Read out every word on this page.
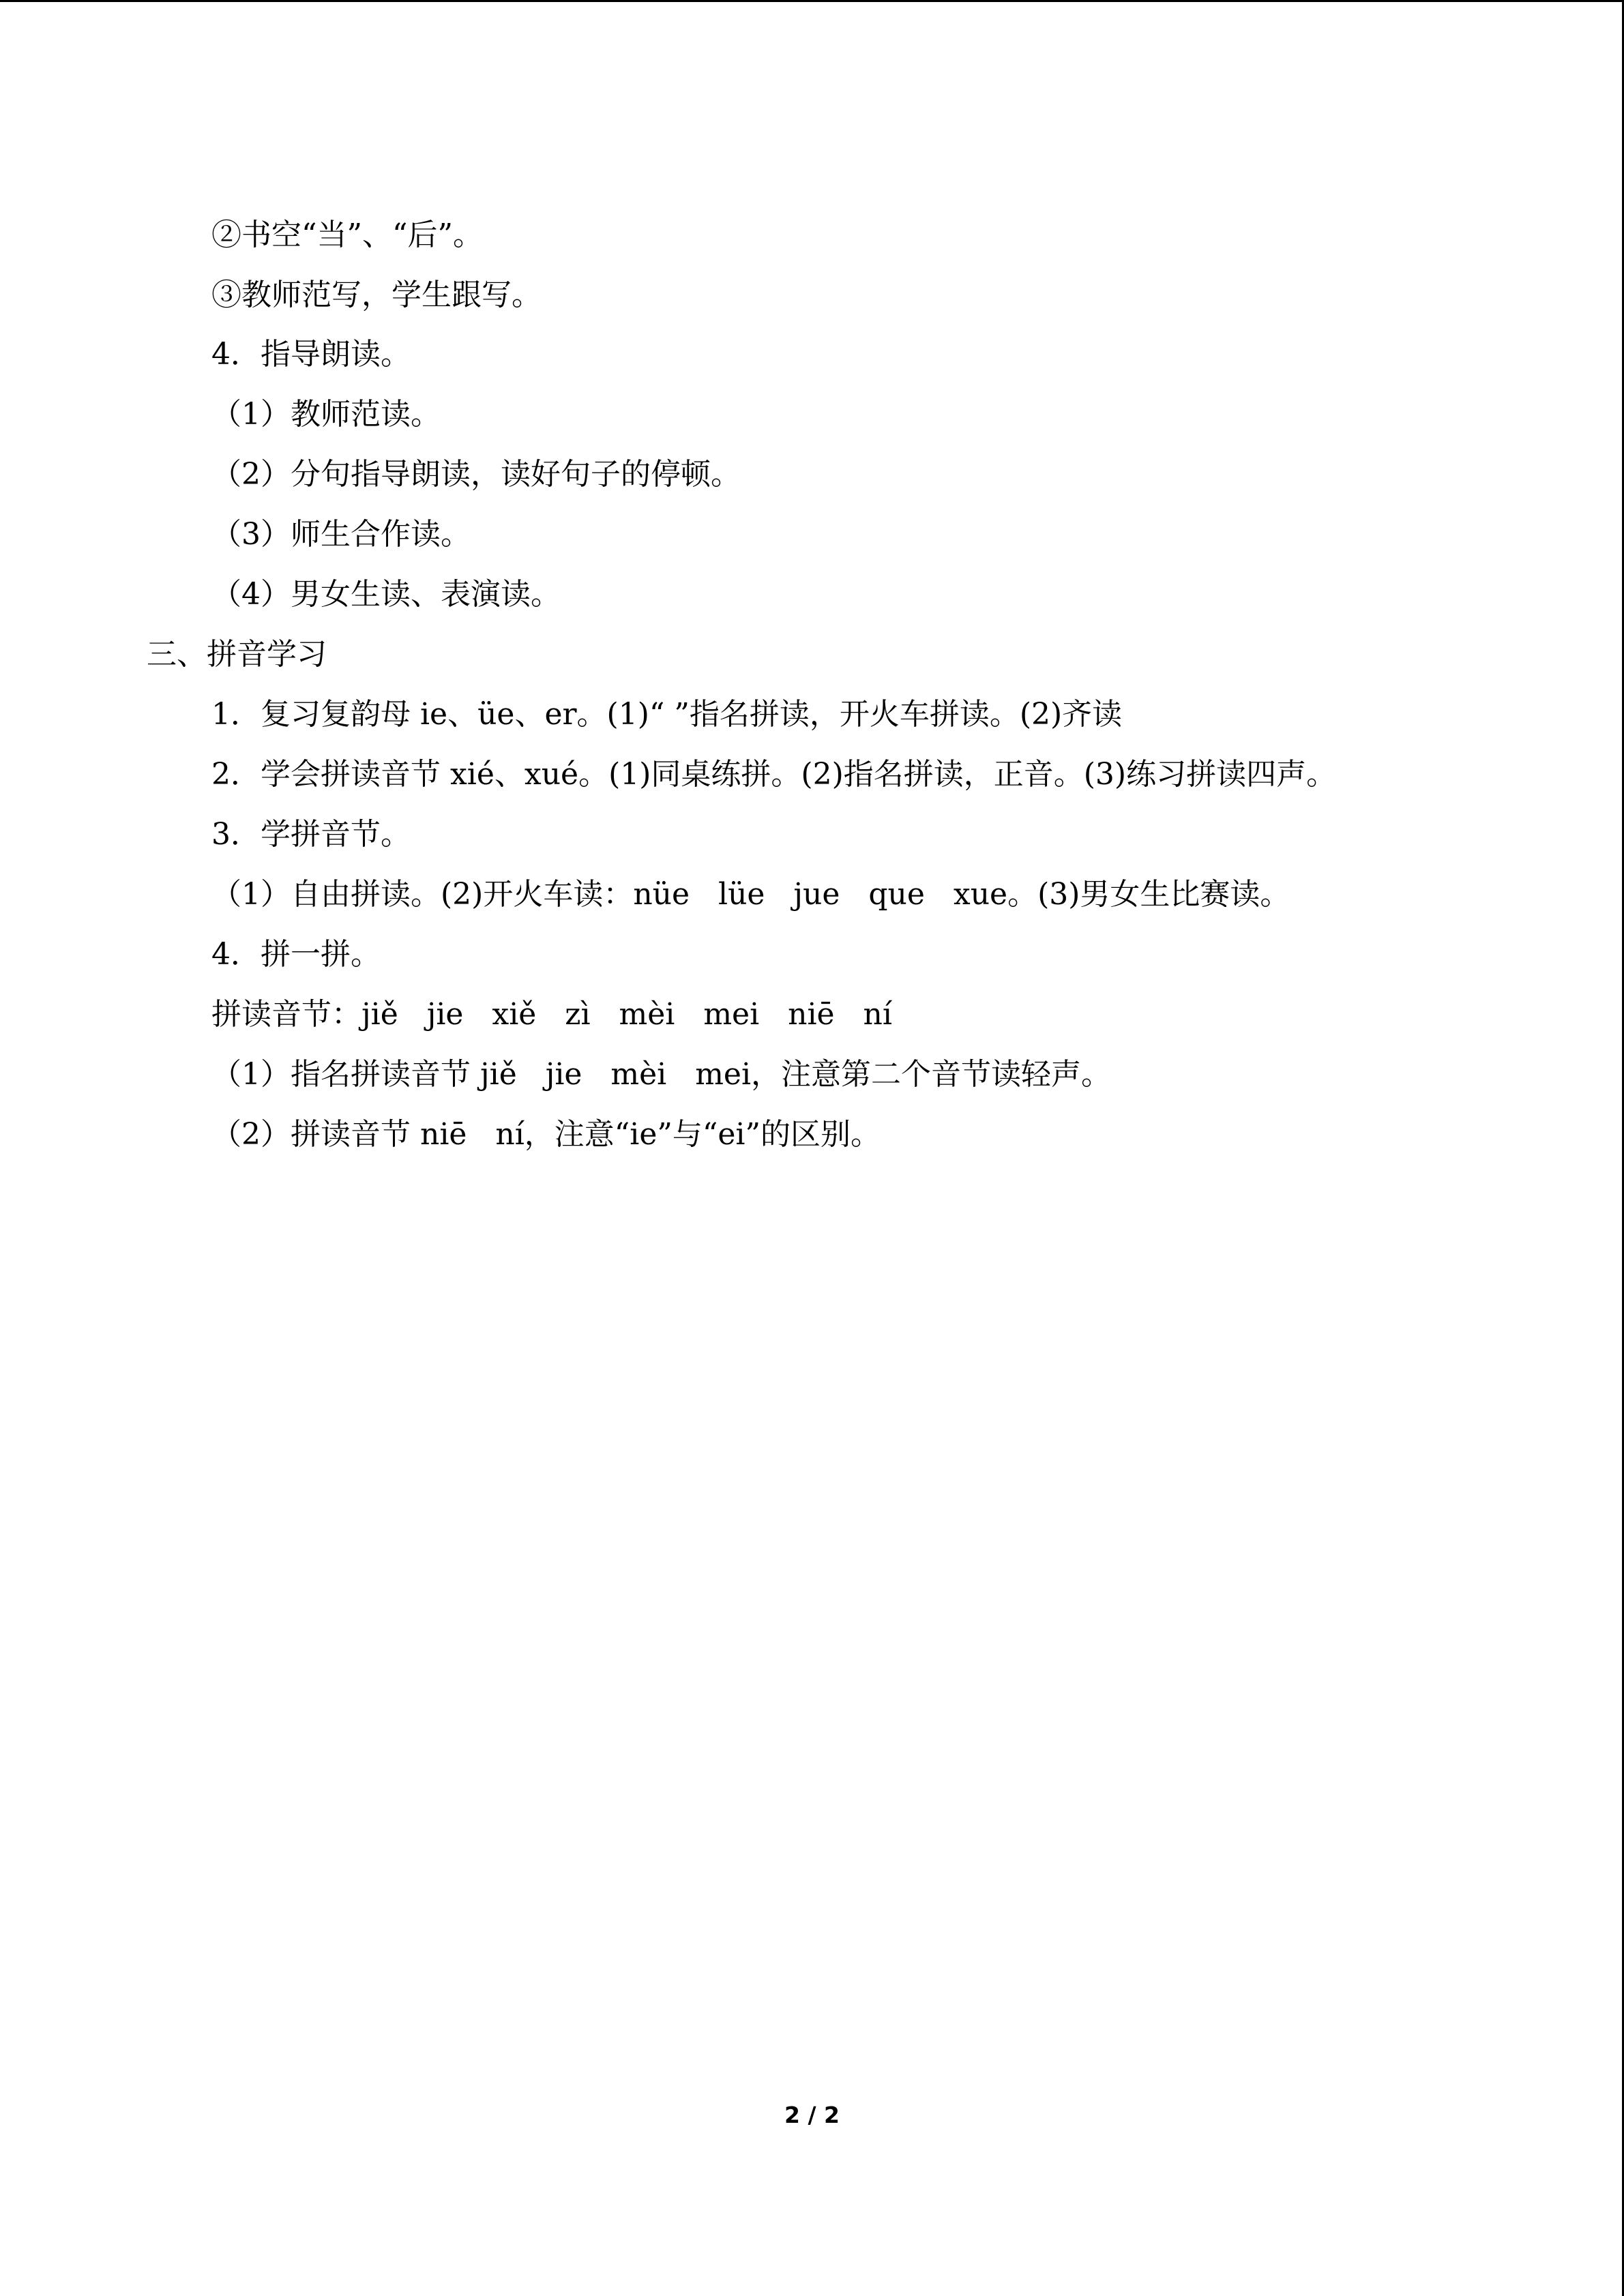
②书空“当”、“后”。

③教师范写，学生跟写。

4．指导朗读。

（1）教师范读。

（2）分句指导朗读，读好句子的停顿。

（3）师生合作读。

（4）男女生读、表演读。

三、拼音学习

1．复习复韵母 ie、üe、er。(1)“ ”指名拼读，开火车拼读。(2)齐读

2．学会拼读音节 xié、xué。(1)同桌练拼。(2)指名拼读，正音。(3)练习拼读四声。

3．学拼音节。

（1）自由拼读。(2)开火车读：nüe   lüe   jue   que   xue。(3)男女生比赛读。

4．拼一拼。

拼读音节：jiě   jie   xiě   zì   mèi   mei   niē   ní

（1）指名拼读音节 jiě   jie   mèi   mei，注意第二个音节读轻声。

（2）拼读音节 niē   ní，注意“ie”与“ei”的区别。

2 / 2
